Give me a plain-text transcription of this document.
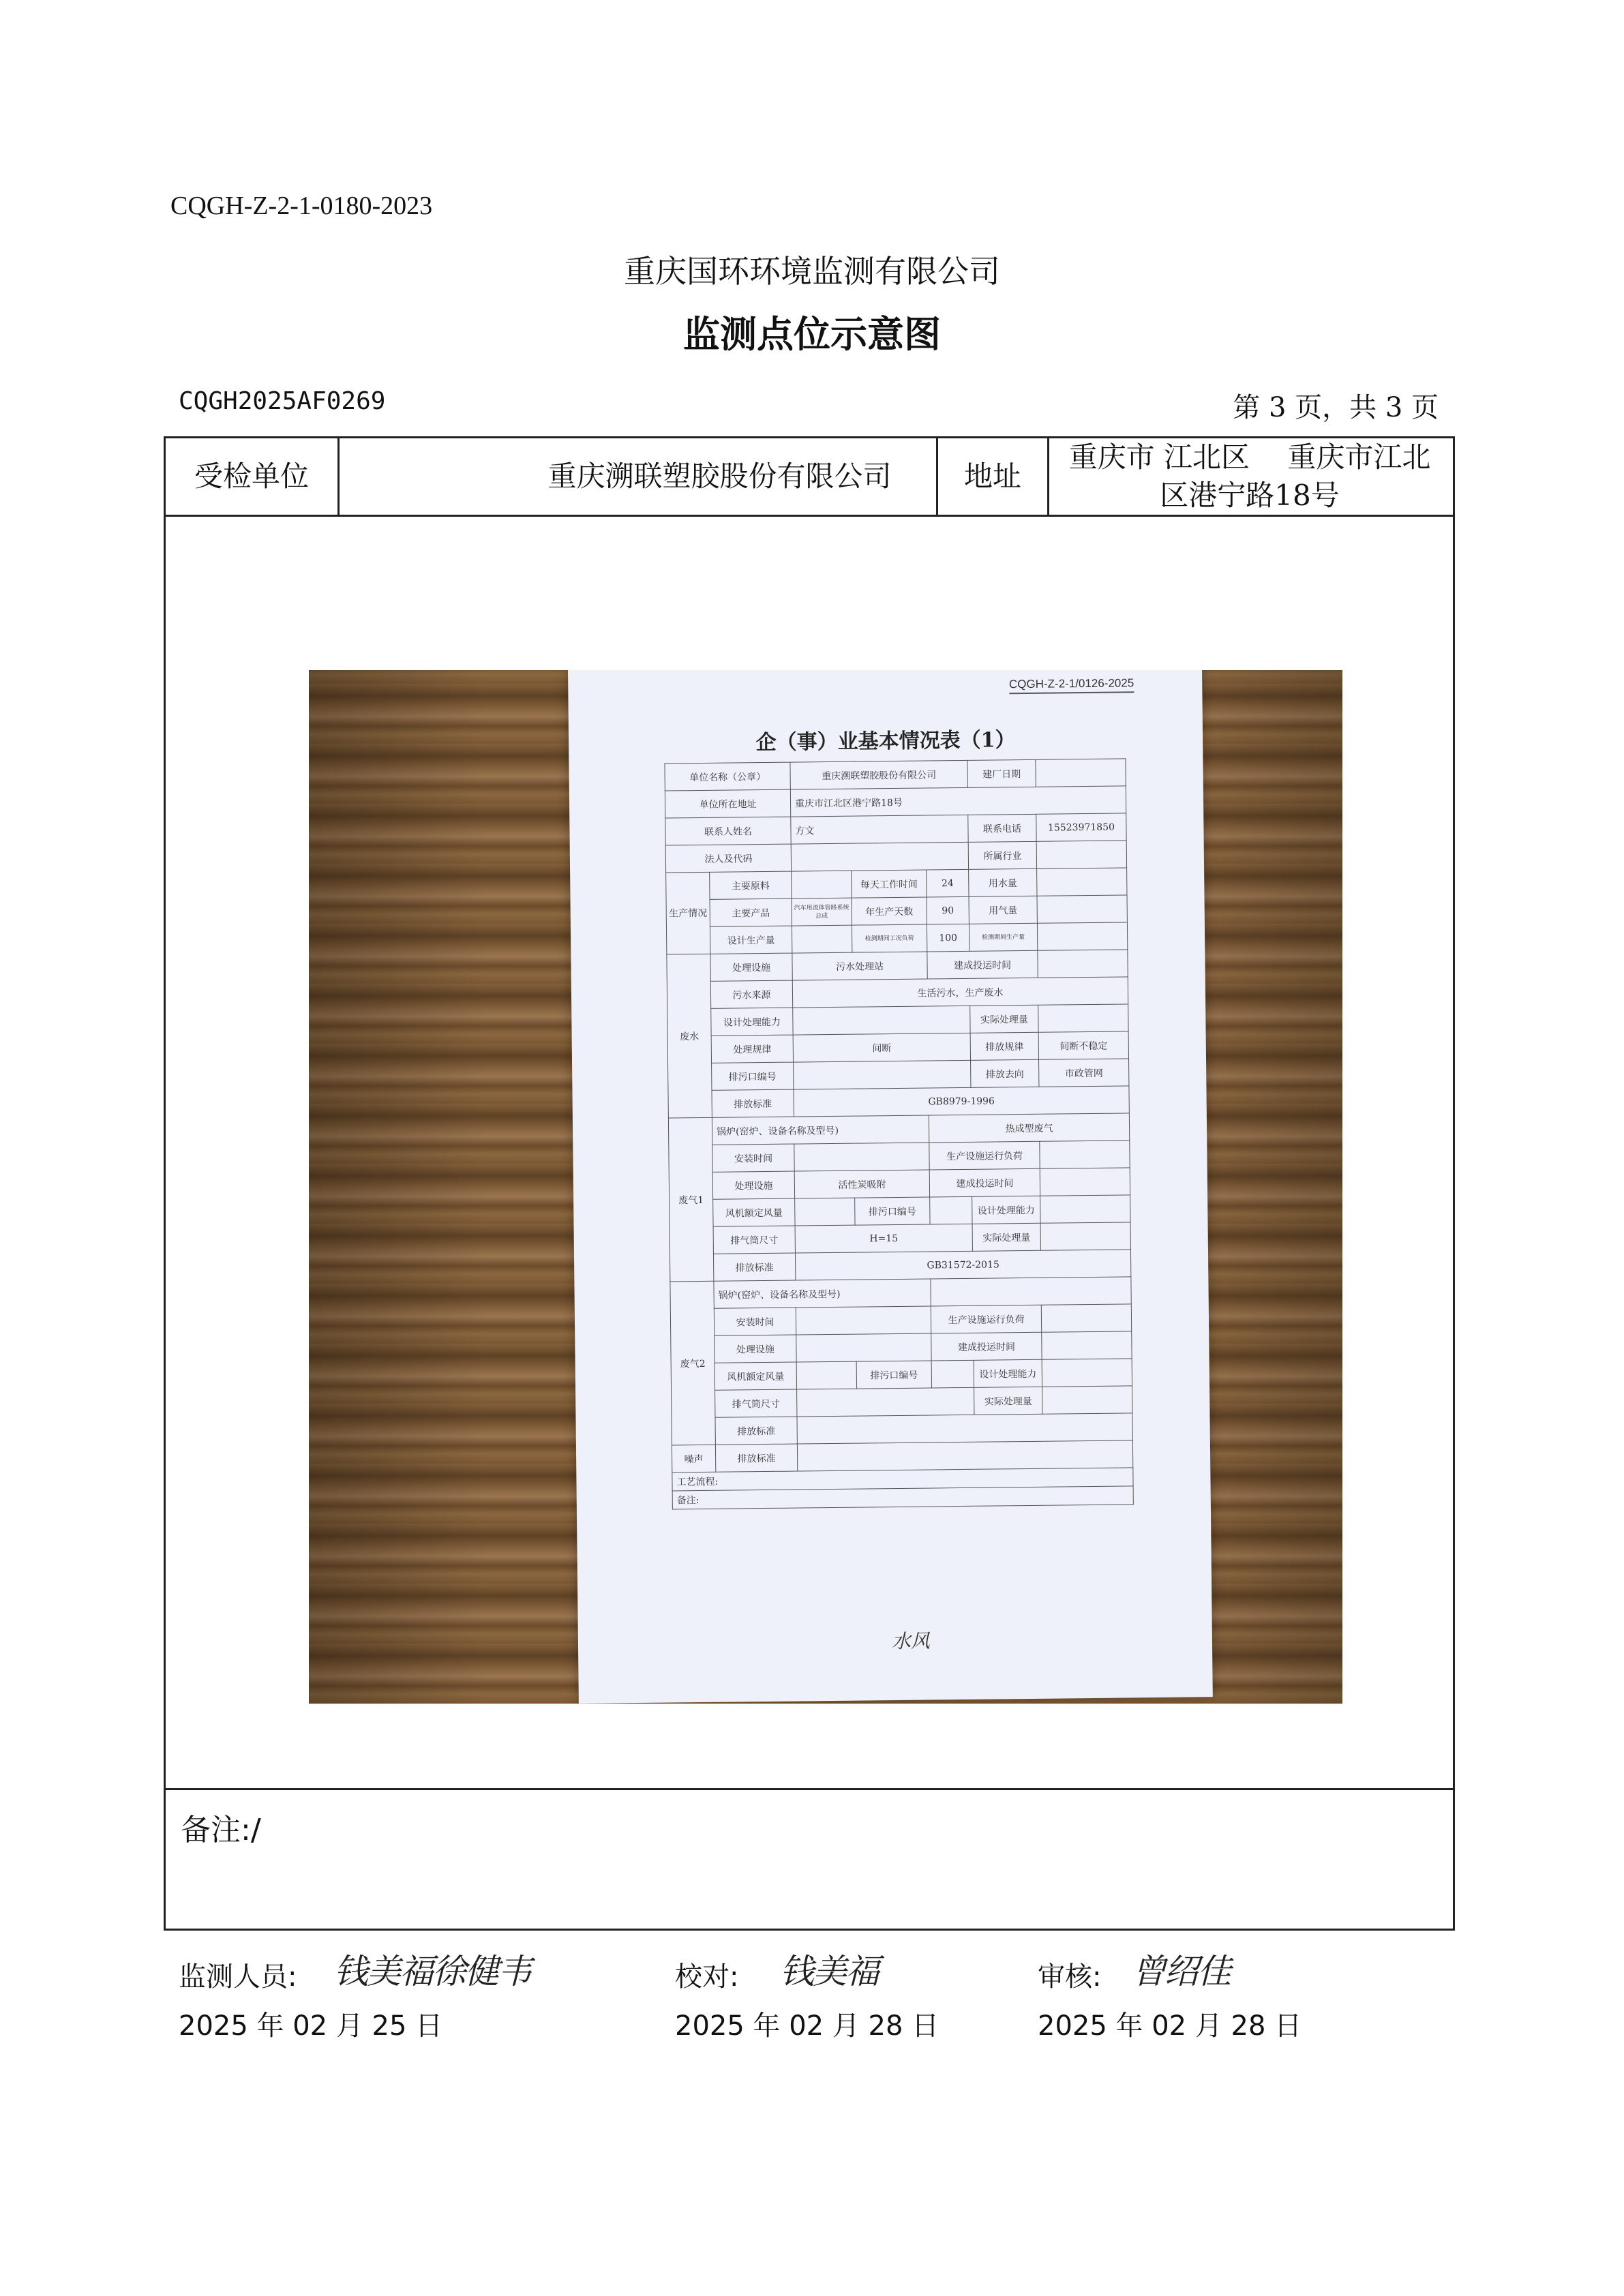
CQGH-Z-2-1-0180-2023
重庆国环环境监测有限公司
监测点位示意图
CQGH2025AF0269	第 3 页，共 3 页
受检单位	重庆溯联塑胶股份有限公司	地址
重庆市 江北区　 重庆市江北区港宁路18号
CQGH-Z-2-1/0126-2025
企（事）业基本情况表（1）
单位名称（公章）		重庆溯联塑胶股份有限公司			建厂日期	
单位所在地址		重庆市江北区港宁路18号				
联系人姓名		方文			联系电话	15523971850
法人及代码					所属行业	
生产情况	主要原料		每天工作时间	24	用水量	
	主要产品	汽车用流体管路系统总成	年生产天数	90	用气量	
	设计生产量		检测期间工况负荷	100	检测期间生产量	
废水	处理设施	污水处理站		建成投运时间		
	污水来源	生活污水，生产废水				
	设计处理能力				实际处理量	
	处理规律	间断			排放规律	间断不稳定
	排污口编号				排放去向	市政管网
	排放标准	GB8979-1996				
废气1	锅炉(窑炉、设备名称及型号)			热成型废气		
	安装时间			生产设施运行负荷		
	处理设施	活性炭吸附		建成投运时间		
	风机额定风量		排污口编号		设计处理能力	
	排气筒尺寸	H=15			实际处理量	
	排放标准	GB31572-2015				
废气2	锅炉(窑炉、设备名称及型号)					
	安装时间			生产设施运行负荷		
	处理设施			建成投运时间		
	风机额定风量		排污口编号		设计处理能力	
	排气筒尺寸				实际处理量	
	排放标准					
噪声	排放标准					
工艺流程:						
备注:						
水风
备注:/
监测人员: 钱美福徐健韦
2025 年 02 月 25 日
校对: 钱美福
2025 年 02 月 28 日
审核: 曾绍佳
2025 年 02 月 28 日
